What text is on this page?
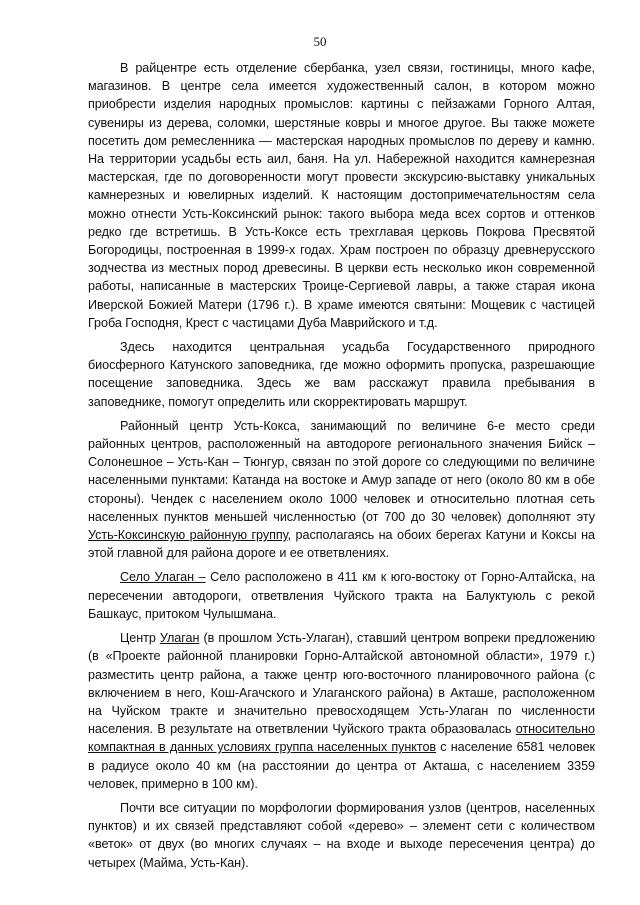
50

В райцентре есть отделение сбербанка, узел связи, гостиницы, много кафе, магазинов. В центре села имеется художественный салон, в котором можно приобрести изделия народных промыслов: картины с пейзажами Горного Алтая, сувениры из дерева, соломки, шерстяные ковры и многое другое. Вы также можете посетить дом ремесленника — мастерская народных промыслов по дереву и камню. На территории усадьбы есть аил, баня. На ул. Набережной находится камнерезная мастерская, где по договоренности могут провести экскурсию-выставку уникальных камнерезных и ювелирных изделий. К настоящим достопримечательностям села можно отнести Усть-Коксинский рынок: такого выбора меда всех сортов и оттенков редко где встретишь. В Усть-Коксе есть трехглавая церковь Покрова Пресвятой Богородицы, построенная в 1999-х годах. Храм построен по образцу древнерусского зодчества из местных пород древесины. В церкви есть несколько икон современной работы, написанные в мастерских Троице-Сергиевой лавры, а также старая икона Иверской Божией Матери (1796 г.). В храме имеются святыни: Мощевик с частицей Гроба Господня, Крест с частицами Дуба Маврийского и т.д.

Здесь находится центральная усадьба Государственного природного биосферного Катунского заповедника, где можно оформить пропуска, разрешающие посещение заповедника. Здесь же вам расскажут правила пребывания в заповеднике, помогут определить или скорректировать маршрут.

Районный центр Усть-Кокса, занимающий по величине 6-е место среди районных центров, расположенный на автодороге регионального значения Бийск – Солонешное – Усть-Кан – Тюнгур, связан по этой дороге со следующими по величине населенными пунктами: Катанда на востоке и Амур западе от него (около 80 км в обе стороны). Чендек с населением около 1000 человек и относительно плотная сеть населенных пунктов меньшей численностью (от 700 до 30 человек) дополняют эту Усть-Коксинскую районную группу, располагаясь на обоих берегах Катуни и Коксы на этой главной для района дороге и ее ответвлениях.

Село Улаган – Село расположено в 411 км к юго-востоку от Горно-Алтайска, на пересечении автодороги, ответвления Чуйского тракта на Балуктуюль с рекой Башкаус, притоком Чулышмана.

Центр Улаган (в прошлом Усть-Улаган), ставший центром вопреки предложению (в «Проекте районной планировки Горно-Алтайской автономной области», 1979 г.) разместить центр района, а также центр юго-восточного планировочного района (с включением в него, Кош-Агачского и Улаганского района) в Акташе, расположенном на Чуйском тракте и значительно превосходящем Усть-Улаган по численности населения. В результате на ответвлении Чуйского тракта образовалась относительно компактная в данных условиях группа населенных пунктов с население 6581 человек в радиусе около 40 км (на расстоянии до центра от Акташа, с населением 3359 человек, примерно в 100 км).

Почти все ситуации по морфологии формирования узлов (центров, населенных пунктов) и их связей представляют собой «дерево» – элемент сети с количеством «веток» от двух (во многих случаях – на входе и выходе пересечения центра) до четырех (Майма, Усть-Кан).
